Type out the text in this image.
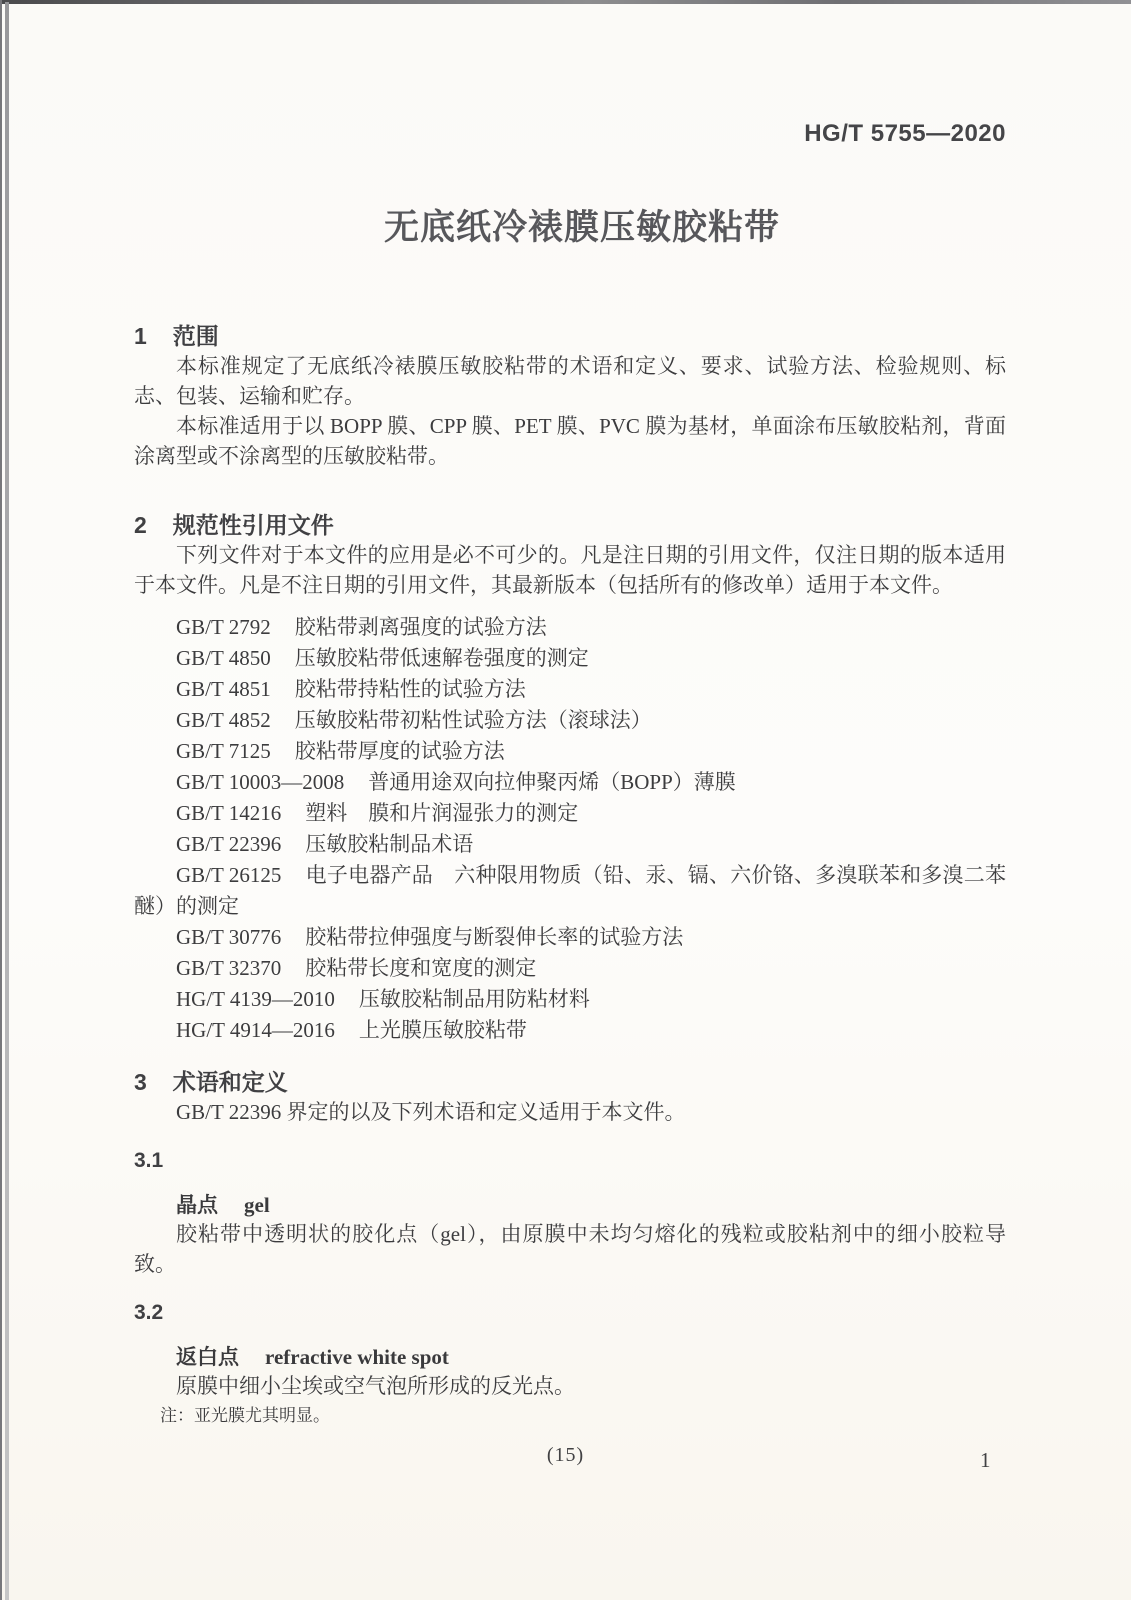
HG/T 5755—2020
无底纸冷裱膜压敏胶粘带
1 范围

本标准规定了无底纸冷裱膜压敏胶粘带的术语和定义、要求、试验方法、检验规则、标志、包装、运输和贮存。

本标准适用于以 BOPP 膜、CPP 膜、PET 膜、PVC 膜为基材，单面涂布压敏胶粘剂，背面涂离型或不涂离型的压敏胶粘带。

2 规范性引用文件

下列文件对于本文件的应用是必不可少的。凡是注日期的引用文件，仅注日期的版本适用于本文件。凡是不注日期的引用文件，其最新版本（包括所有的修改单）适用于本文件。

GB/T 2792 胶粘带剥离强度的试验方法
GB/T 4850 压敏胶粘带低速解卷强度的测定
GB/T 4851 胶粘带持粘性的试验方法
GB/T 4852 压敏胶粘带初粘性试验方法（滚球法）
GB/T 7125 胶粘带厚度的试验方法
GB/T 10003—2008 普通用途双向拉伸聚丙烯（BOPP）薄膜
GB/T 14216 塑料　膜和片润湿张力的测定
GB/T 22396 压敏胶粘制品术语
GB/T 26125 电子电器产品　六种限用物质（铅、汞、镉、六价铬、多溴联苯和多溴二苯醚）的测定
GB/T 30776 胶粘带拉伸强度与断裂伸长率的试验方法
GB/T 32370 胶粘带长度和宽度的测定
HG/T 4139—2010 压敏胶粘制品用防粘材料
HG/T 4914—2016 上光膜压敏胶粘带
3 术语和定义

GB/T 22396 界定的以及下列术语和定义适用于本文件。

3.1
晶点 gel

胶粘带中透明状的胶化点（gel），由原膜中未均匀熔化的残粒或胶粘剂中的细小胶粒导致。

3.2
返白点 refractive white spot

原膜中细小尘埃或空气泡所形成的反光点。

注：亚光膜尤其明显。

(15)	1
